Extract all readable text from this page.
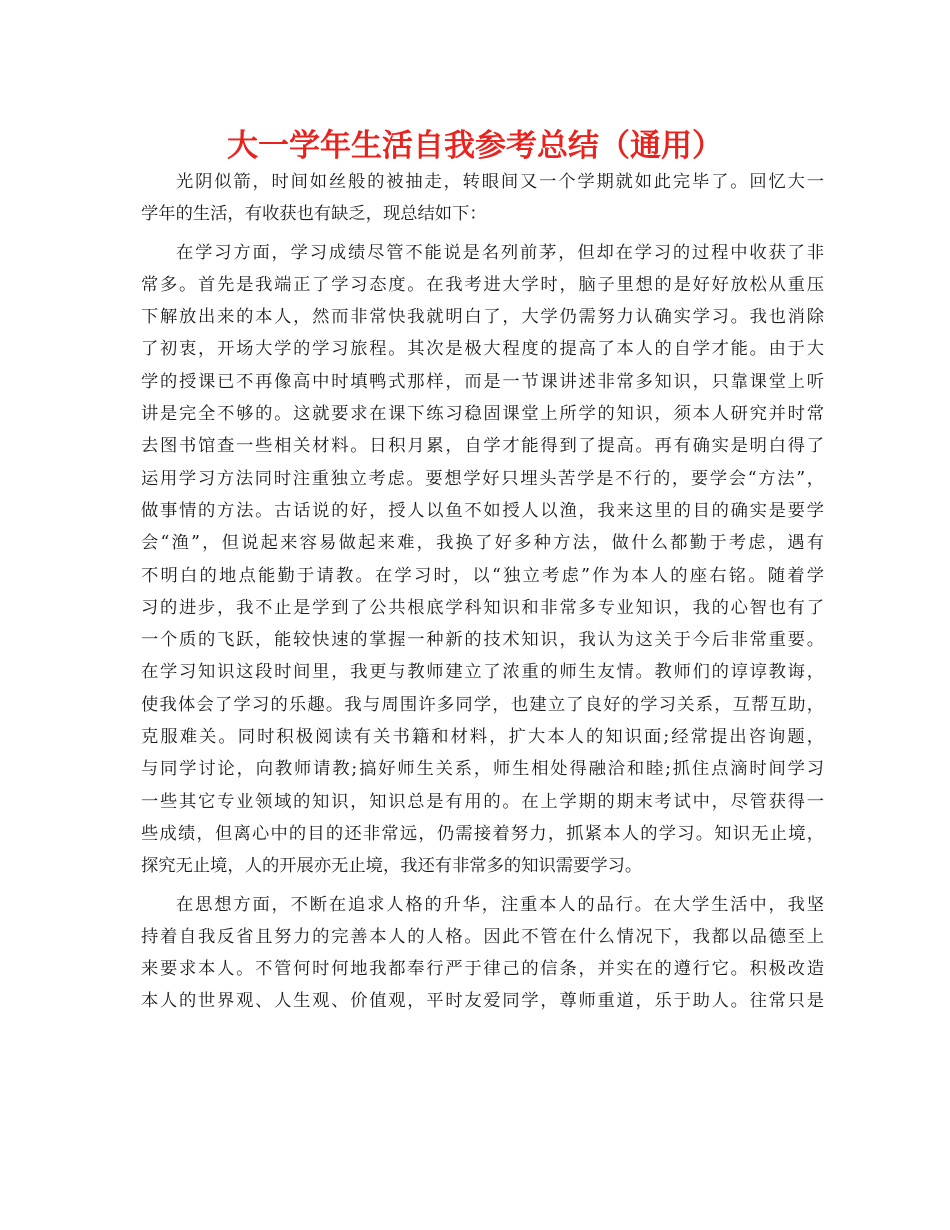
大一学年生活自我参考总结（通用）
光阴似箭，时间如丝般的被抽走，转眼间又一个学期就如此完毕了。回忆大一
学年的生活，有收获也有缺乏，现总结如下：
在学习方面，学习成绩尽管不能说是名列前茅，但却在学习的过程中收获了非
常多。首先是我端正了学习态度。在我考进大学时，脑子里想的是好好放松从重压
下解放出来的本人，然而非常快我就明白了，大学仍需努力认确实学习。我也消除
了初衷，开场大学的学习旅程。其次是极大程度的提高了本人的自学才能。由于大
学的授课已不再像高中时填鸭式那样，而是一节课讲述非常多知识，只靠课堂上听
讲是完全不够的。这就要求在课下练习稳固课堂上所学的知识，须本人研究并时常
去图书馆查一些相关材料。日积月累，自学才能得到了提高。再有确实是明白得了
运用学习方法同时注重独立考虑。要想学好只埋头苦学是不行的，要学会“方法”，
做事情的方法。古话说的好，授人以鱼不如授人以渔，我来这里的目的确实是要学
会“渔”，但说起来容易做起来难，我换了好多种方法，做什么都勤于考虑，遇有
不明白的地点能勤于请教。在学习时，以“独立考虑”作为本人的座右铭。随着学
习的进步，我不止是学到了公共根底学科知识和非常多专业知识，我的心智也有了
一个质的飞跃，能较快速的掌握一种新的技术知识，我认为这关于今后非常重要。
在学习知识这段时间里，我更与教师建立了浓重的师生友情。教师们的谆谆教诲，
使我体会了学习的乐趣。我与周围许多同学，也建立了良好的学习关系，互帮互助，
克服难关。同时积极阅读有关书籍和材料，扩大本人的知识面;经常提出咨询题，
与同学讨论，向教师请教;搞好师生关系，师生相处得融洽和睦;抓住点滴时间学习
一些其它专业领域的知识，知识总是有用的。在上学期的期末考试中，尽管获得一
些成绩，但离心中的目的还非常远，仍需接着努力，抓紧本人的学习。知识无止境，
探究无止境，人的开展亦无止境，我还有非常多的知识需要学习。
在思想方面，不断在追求人格的升华，注重本人的品行。在大学生活中，我坚
持着自我反省且努力的完善本人的人格。因此不管在什么情况下，我都以品德至上
来要求本人。不管何时何地我都奉行严于律己的信条，并实在的遵行它。积极改造
本人的世界观、人生观、价值观，平时友爱同学，尊师重道，乐于助人。往常只是
